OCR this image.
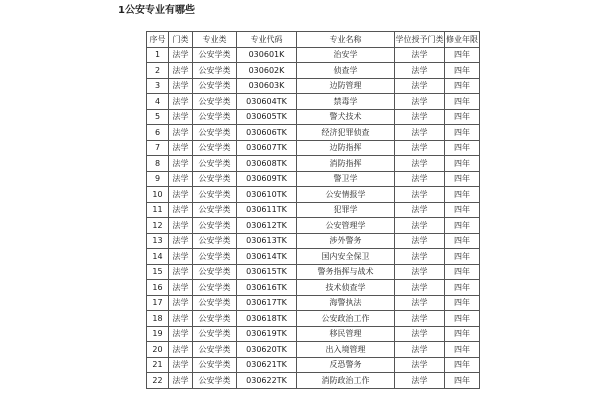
1公安专业有哪些
序号	门类	专业类	专业代码	专业名称	学位授予门类	修业年限
1	法学	公安学类	030601K	治安学	法学	四年
2	法学	公安学类	030602K	侦查学	法学	四年
3	法学	公安学类	030603K	边防管理	法学	四年
4	法学	公安学类	030604TK	禁毒学	法学	四年
5	法学	公安学类	030605TK	警犬技术	法学	四年
6	法学	公安学类	030606TK	经济犯罪侦查	法学	四年
7	法学	公安学类	030607TK	边防指挥	法学	四年
8	法学	公安学类	030608TK	消防指挥	法学	四年
9	法学	公安学类	030609TK	警卫学	法学	四年
10	法学	公安学类	030610TK	公安情报学	法学	四年
11	法学	公安学类	030611TK	犯罪学	法学	四年
12	法学	公安学类	030612TK	公安管理学	法学	四年
13	法学	公安学类	030613TK	涉外警务	法学	四年
14	法学	公安学类	030614TK	国内安全保卫	法学	四年
15	法学	公安学类	030615TK	警务指挥与战术	法学	四年
16	法学	公安学类	030616TK	技术侦查学	法学	四年
17	法学	公安学类	030617TK	海警执法	法学	四年
18	法学	公安学类	030618TK	公安政治工作	法学	四年
19	法学	公安学类	030619TK	移民管理	法学	四年
20	法学	公安学类	030620TK	出入境管理	法学	四年
21	法学	公安学类	030621TK	反恐警务	法学	四年
22	法学	公安学类	030622TK	消防政治工作	法学	四年
